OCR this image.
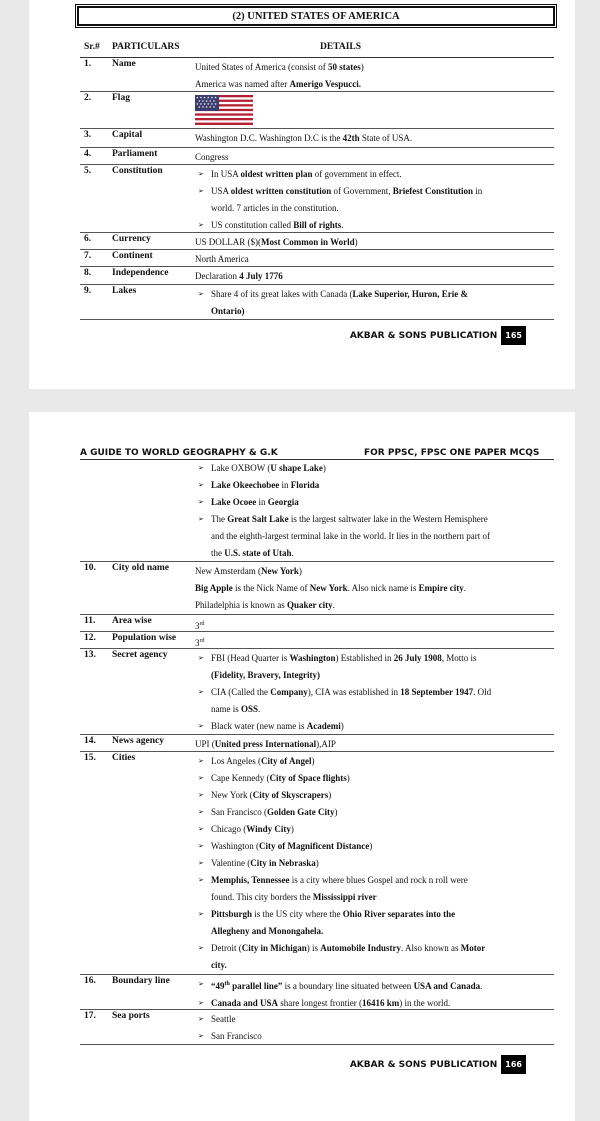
(2) UNITED STATES OF AMERICA
Sr.# PARTICULARS	DETAILS
1. Name	United States of America (consist of 50 states)
America was named after Amerigo Vespucci.
2. Flag	★ ★ ★ ★ ★ ★
★ ★ ★ ★ ★
★ ★ ★ ★ ★ ★
★ ★ ★ ★ ★
3. Capital	Washington D.C. Washington D.C is the 42th State of USA.
4. Parliament	Congress
5. Constitution	➢ In USA oldest written plan of government in effect.
➢ USA oldest written constitution of Government, Briefest Constitution in
world. 7 articles in the constitution.
➢ US constitution called Bill of rights.
6. Currency	US DOLLAR ($)(Most Common in World)
7. Continent	North America
8. Independence	Declaration 4 July 1776
9. Lakes	➢ Share 4 of its great lakes with Canada (Lake Superior, Huron, Erie &
Ontario)
AKBAR & SONS PUBLICATION 165
A GUIDE TO WORLD GEOGRAPHY & G.K	FOR PPSC, FPSC ONE PAPER MCQS
➢ Lake OXBOW (U shape Lake)
➢ Lake Okeechobee in Florida
➢ Lake Ocoee in Georgia
➢ The Great Salt Lake is the largest saltwater lake in the Western Hemisphere
and the eighth-largest terminal lake in the world. It lies in the northern part of
the U.S. state of Utah.
10. City old name	New Amsterdam (New York)
Big Apple is the Nick Name of New York. Also nick name is Empire city.
Philadelphia is known as Quaker city.
11. Area wise	3rd
12. Population wise 3rd
13. Secret agency	➢ FBI (Head Quarter is Washington) Established in 26 July 1908, Motto is
(Fidelity, Bravery, Integrity)
➢ CIA (Called the Company), CIA was established in 18 September 1947. Old
name is OSS.
➢ Black water (new name is Academi)
14. News agency	UPI (United press International),AIP
15. Cities	➢ Los Angeles (City of Angel)
➢ Cape Kennedy (City of Space flights)
➢ New York (City of Skyscrapers)
➢ San Francisco (Golden Gate City)
➢ Chicago (Windy City)
➢ Washington (City of Magnificent Distance)
➢ Valentine (City in Nebraska)
➢ Memphis, Tennessee is a city where blues Gospel and rock n roll were
found. This city borders the Mississippi river
➢ Pittsburgh is the US city where the Ohio River separates into the
Allegheny and Monongahela.
➢ Detroit (City in Michigan) is Automobile Industry. Also known as Motor
city.
16. Boundary line	➢ “49th parallel line” is a boundary line situated between USA and Canada.
➢ Canada and USA share longest frontier (16416 km) in the world.
17. Sea ports	➢ Seattle
➢ San Francisco
AKBAR & SONS PUBLICATION 166
